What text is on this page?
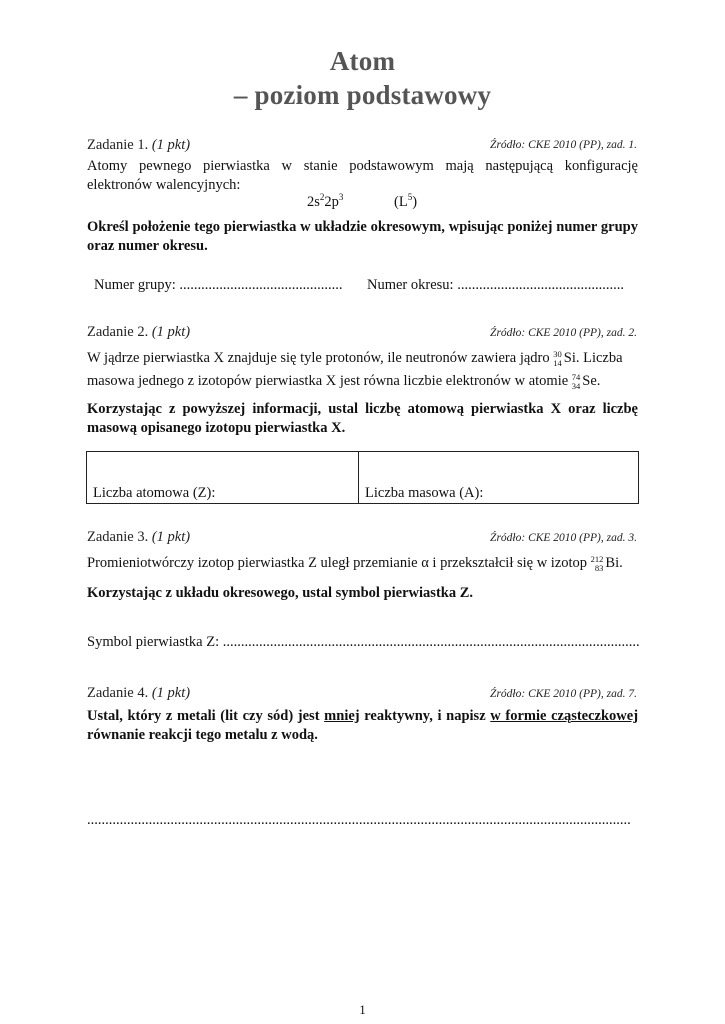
Atom
– poziom podstawowy
Zadanie 1. (1 pkt)	Źródło: CKE 2010 (PP), zad. 1.
Atomy pewnego pierwiastka w stanie podstawowym mają następującą konfigurację
elektronów walencyjnych:
$2s^22p^3$	$(L^5)$
Określ położenie tego pierwiastka w układzie okresowym, wpisując poniżej numer grupy oraz numer okresu.
Numer grupy: ............................................. Numer okresu: ..............................................
Zadanie 2. (1 pkt)	Źródło: CKE 2010 (PP), zad. 2.
W jądrze pierwiastka X znajduje się tyle protonów, ile neutronów zawiera jądro 30
14 Si. Liczba
masowa jednego z izotopów pierwiastka X jest równa liczbie elektronów w atomie 74
34 Se.
Korzystając z powyższej informacji, ustal liczbę atomową pierwiastka X oraz liczbę masową opisanego izotopu pierwiastka X.
Liczba atomowa (Z):	Liczba masowa (A):
Zadanie 3. (1 pkt)	Źródło: CKE 2010 (PP), zad. 3.
Promieniotwórczy izotop pierwiastka Z uległ przemianie α i przekształcił się w izotop 212
83 Bi.
Korzystając z układu okresowego, ustal symbol pierwiastka Z.
Symbol pierwiastka Z: ...................................................................................................................
Zadanie 4. (1 pkt)	Źródło: CKE 2010 (PP), zad. 7.
Ustal, który z metali (lit czy sód) jest mniej reaktywny, i napisz w formie cząsteczkowej
równanie reakcji tego metalu z wodą.
......................................................................................................................................................
1
